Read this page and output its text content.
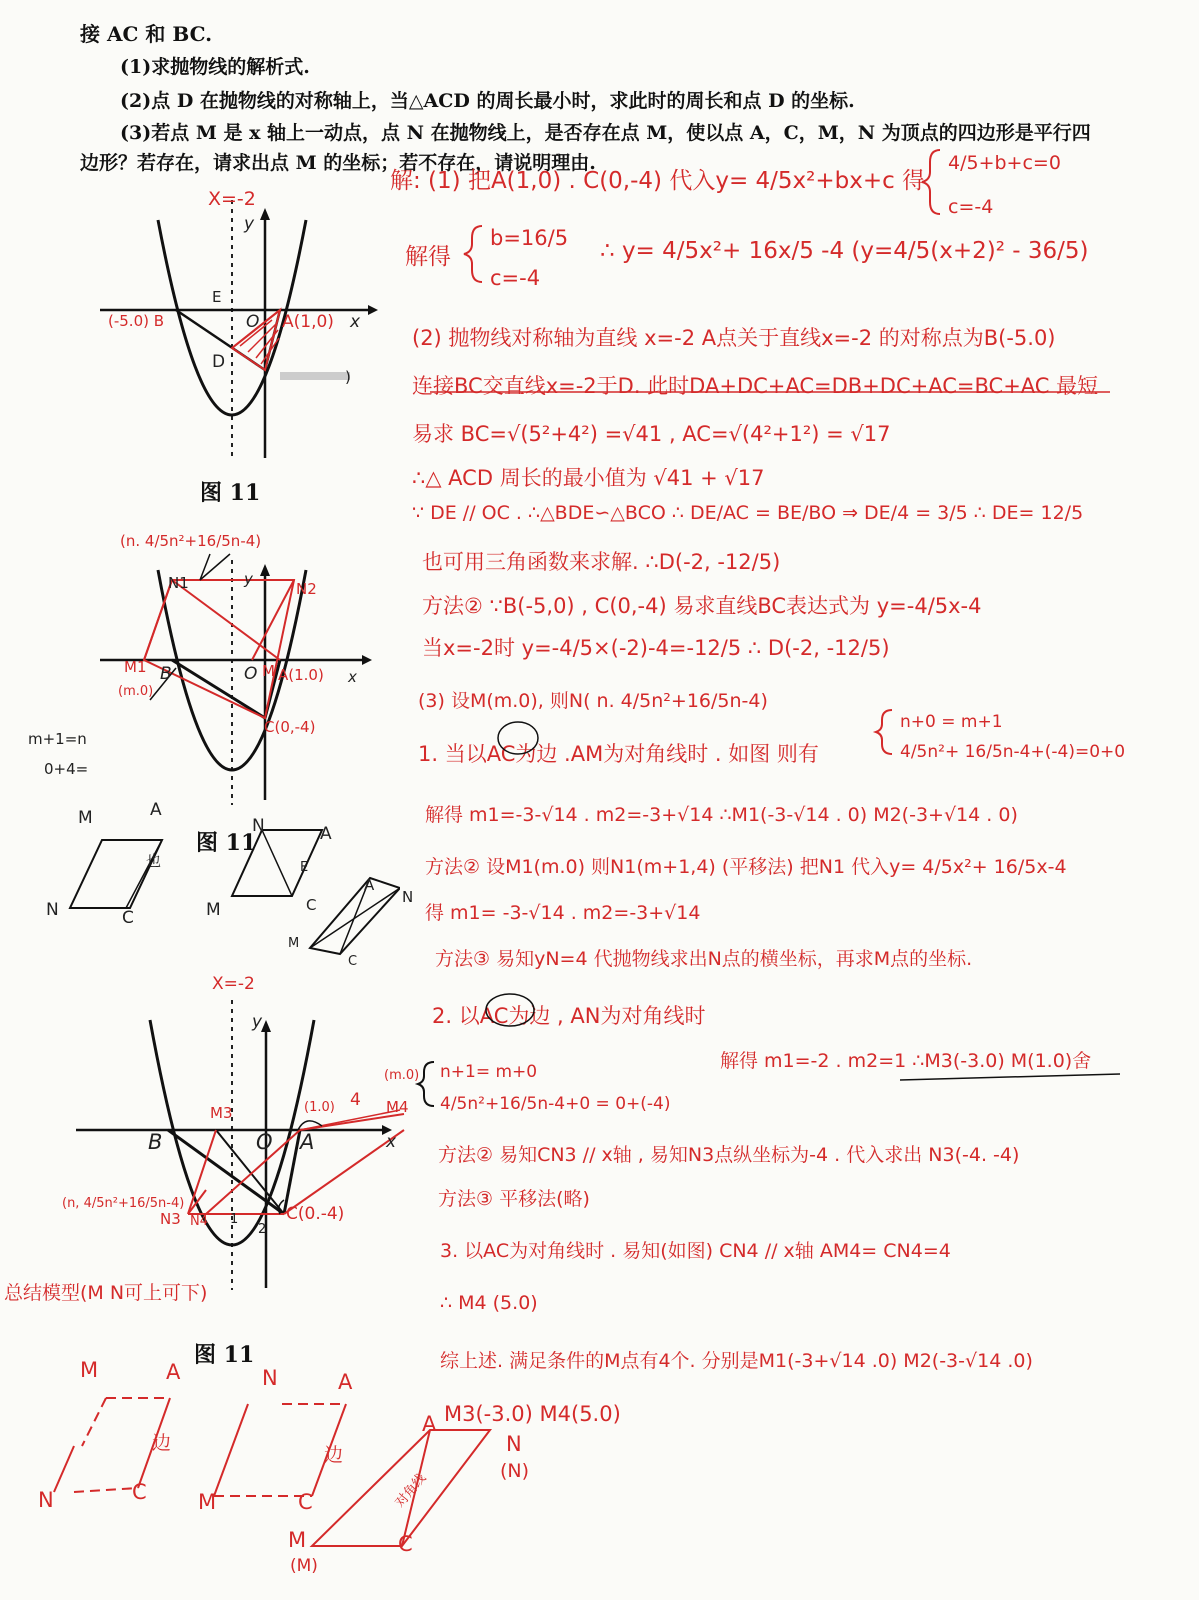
接 AC 和 BC.
(1)求抛物线的解析式.
(2)点 D 在抛物线的对称轴上，当△ACD 的周长最小时，求此时的周长和点 D 的坐标.
(3)若点 M 是 x 轴上一动点，点 N 在抛物线上，是否存在点 M，使以点 A，C，M，N 为顶点的四边形是平行四
边形？若存在，请求出点 M 的坐标；若不存在，请说明理由.
X=-2
y
x
E
O
D
(-5.0) B	A(1,0)
)
图 11
(n. 4/5n²+16/5n-4)
N1	N2
y
x
M1
(m.0)
B	O M A(1.0)
C(0,-4)
m+1=n
0+4=
M	A
N	C
也
N	A
M	C
E
A
N
M
C
图 11
X=-2
y
x
M3
B	O A
(1.0)
C(0.-4)
N3 N4
M4
(m.0)
4
1
2
(n, 4/5n²+16/5n-4)
总结模型(M N可上可下)
图 11
M	A
N	C
边
N	A
M	C
边
A
N
(N)
M
(M)
C
对角线
M3(-3.0) M4(5.0)
解: (1) 把A(1,0) . C(0,-4) 代入y= 4/5x²+bx+c 得
4/5+b+c=0
c=-4
解得
b=16/5
c=-4
∴ y= 4/5x²+ 16x/5 -4 (y=4/5(x+2)² - 36/5)
(2) 抛物线对称轴为直线 x=-2 A点关于直线x=-2 的对称点为B(-5.0)
连接BC交直线x=-2于D. 此时DA+DC+AC=DB+DC+AC=BC+AC 最短
易求 BC=√(5²+4²) =√41 , AC=√(4²+1²) = √17
∴△ ACD 周长的最小值为 √41 + √17
∵ DE // OC . ∴△BDE∽△BCO ∴ DE/AC = BE/BO ⇒ DE/4 = 3/5 ∴ DE= 12/5
也可用三角函数来求解. ∴D(-2, -12/5)
方法② ∵B(-5,0) , C(0,-4) 易求直线BC表达式为 y=-4/5x-4
当x=-2时 y=-4/5×(-2)-4=-12/5 ∴ D(-2, -12/5)
(3) 设M(m.0), 则N( n. 4/5n²+16/5n-4)
1. 当以AC为边 .AM为对角线时 . 如图 则有
n+0 = m+1
4/5n²+ 16/5n-4+(-4)=0+0
解得 m1=-3-√14 . m2=-3+√14 ∴M1(-3-√14 . 0) M2(-3+√14 . 0)
方法② 设M1(m.0) 则N1(m+1,4) (平移法) 把N1 代入y= 4/5x²+ 16/5x-4
得 m1= -3-√14 . m2=-3+√14
方法③ 易知yN=4 代抛物线求出N点的横坐标，再求M点的坐标.
2. 以AC为边 , AN为对角线时
n+1= m+0
4/5n²+16/5n-4+0 = 0+(-4)
解得 m1=-2 . m2=1 ∴M3(-3.0) M(1.0)舍
方法② 易知CN3 // x轴 , 易知N3点纵坐标为-4 . 代入求出 N3(-4. -4)
方法③ 平移法(略)
3. 以AC为对角线时 . 易知(如图) CN4 // x轴 AM4= CN4=4
∴ M4 (5.0)
综上述. 满足条件的M点有4个. 分别是M1(-3+√14 .0) M2(-3-√14 .0)
